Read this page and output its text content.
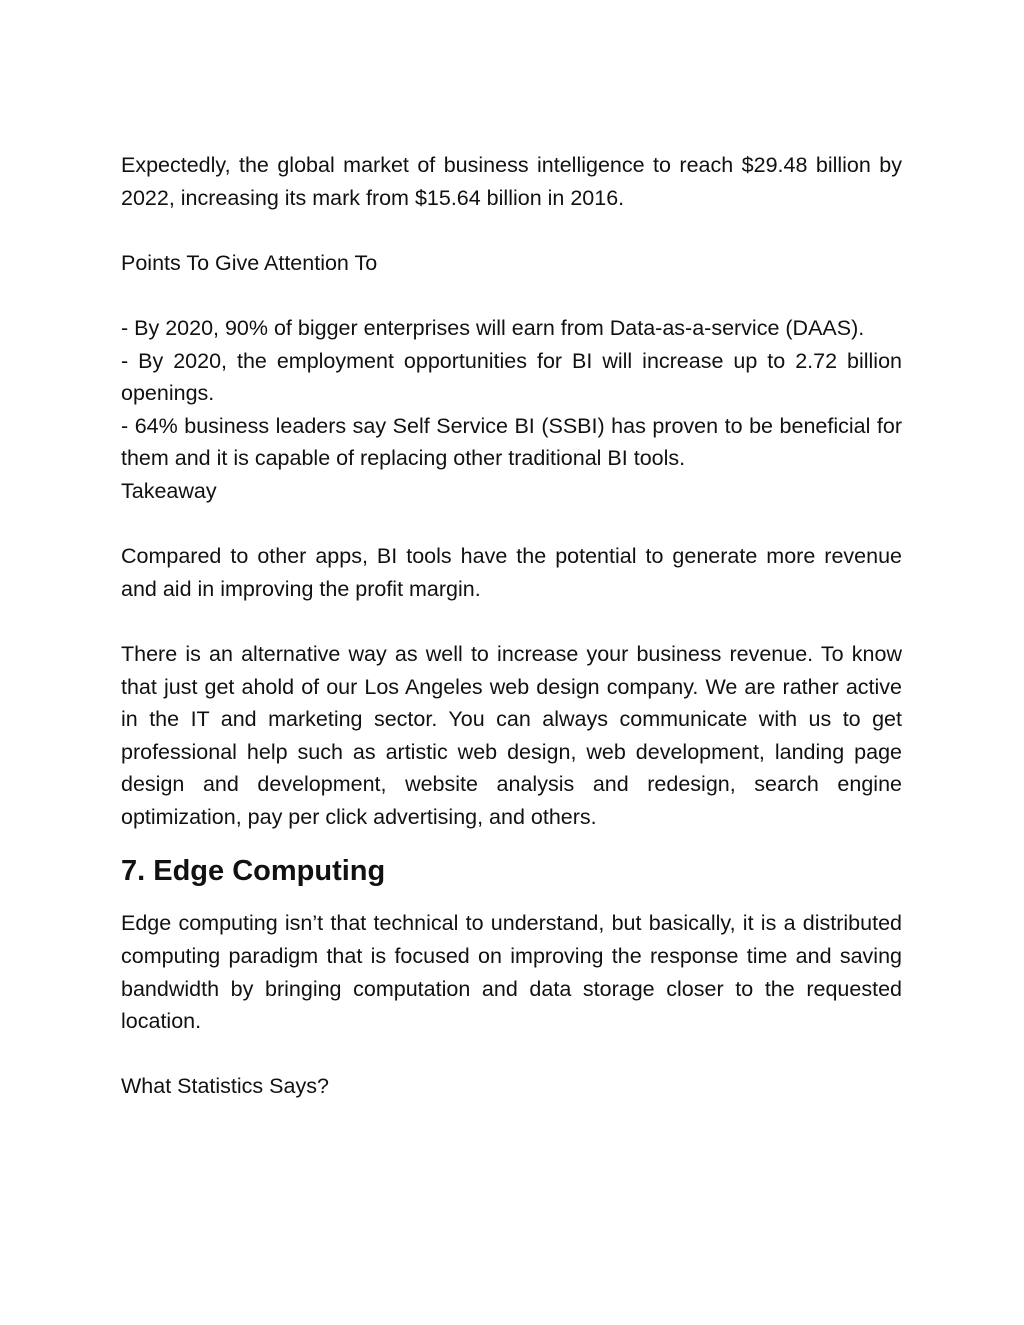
Expectedly, the global market of business intelligence to reach $29.48 billion by 2022, increasing its mark from $15.64 billion in 2016.

Points To Give Attention To

- By 2020, 90% of bigger enterprises will earn from Data-as-a-service (DAAS).
- By 2020, the employment opportunities for BI will increase up to 2.72 billion openings.
- 64% business leaders say Self Service BI (SSBI) has proven to be beneficial for them and it is capable of replacing other traditional BI tools.

Takeaway

Compared to other apps, BI tools have the potential to generate more revenue and aid in improving the profit margin.

There is an alternative way as well to increase your business revenue. To know that just get ahold of our Los Angeles web design company. We are rather active in the IT and marketing sector. You can always communicate with us to get professional help such as artistic web design, web development, landing page design and development, website analysis and redesign, search engine optimization, pay per click advertising, and others.

7. Edge Computing

Edge computing isn’t that technical to understand, but basically, it is a distributed computing paradigm that is focused on improving the response time and saving bandwidth by bringing computation and data storage closer to the requested location.

What Statistics Says?
